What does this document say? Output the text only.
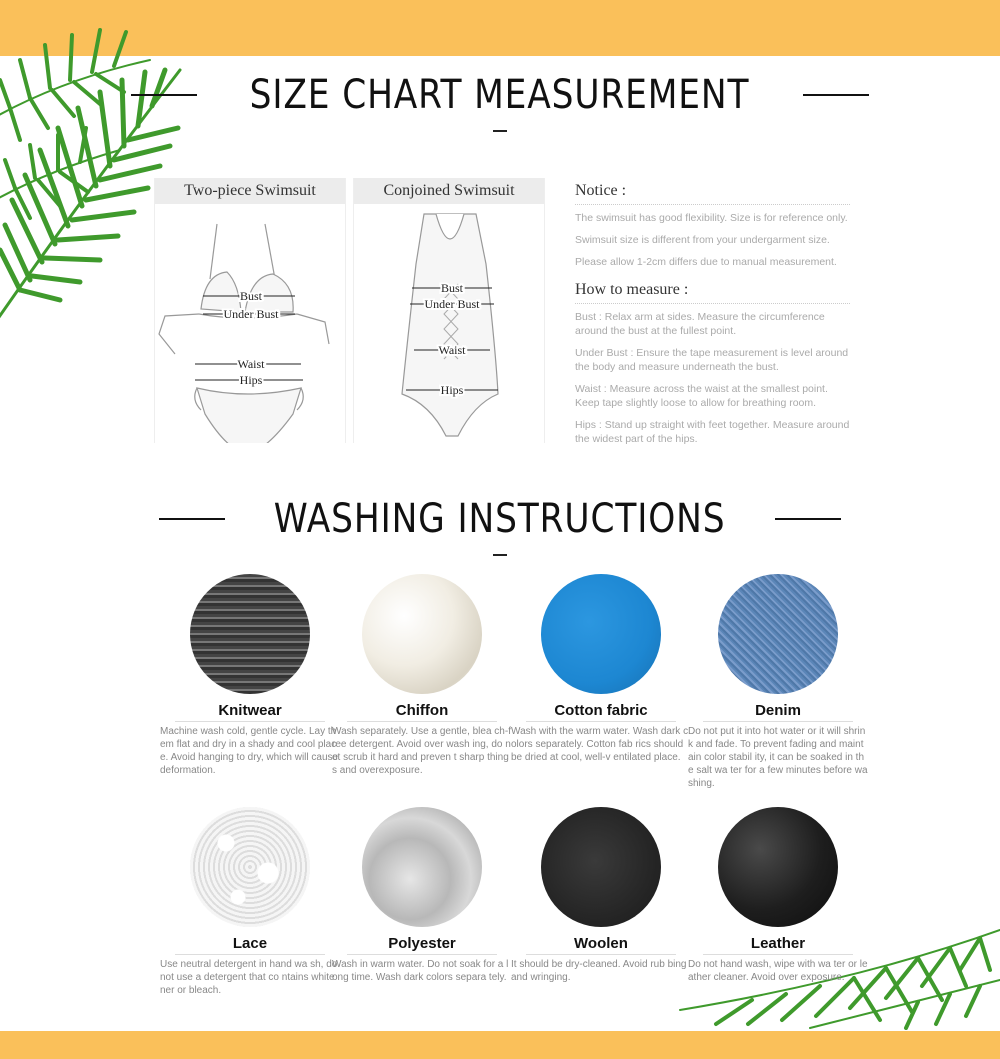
SIZE CHART MEASUREMENT
Two-piece Swimsuit
Bust
Under Bust
Waist
Hips
Conjoined Swimsuit
Bust
Under Bust
Waist
Hips
Notice :
The swimsuit has good flexibility. Size is for reference only.
Swimsuit size is different from your undergarment size.
Please allow 1-2cm differs due to manual measurement.
How to measure :
Bust : Relax arm at sides. Measure the circumference around the bust at the fullest point.
Under Bust : Ensure the tape measurement is level around the body and measure underneath the bust.
Waist : Measure across the waist at the smallest point. Keep tape slightly loose to allow for breathing room.
Hips : Stand up straight with feet together. Measure around the widest part of the hips.
WASHING INSTRUCTIONS
Knitwear
Machine wash cold, gentle cycle. Lay them flat and dry in a shady and cool place. Avoid hanging to dry, which will cause deformation.
Chiffon
Wash separately. Use a gentle, blea ch-free detergent. Avoid over wash ing, do not scrub it hard and preven t sharp things and overexposure.
Cotton fabric
Wash with the warm water. Wash dark colors separately. Cotton fab rics should be dried at cool, well-v entilated place.
Denim
Do not put it into hot water or it will shrink and fade. To prevent fading and maintain color stabil ity, it can be soaked in the salt wa ter for a few minutes before wa shing.
Lace
Use neutral detergent in hand wa sh, do not use a detergent that co ntains whitener or bleach.
Polyester
Wash in warm water. Do not soak for a long time. Wash dark colors separa tely.
Woolen
It should be dry-cleaned. Avoid rub bing and wringing.
Leather
Do not hand wash, wipe with wa ter or leather cleaner. Avoid over exposure.
